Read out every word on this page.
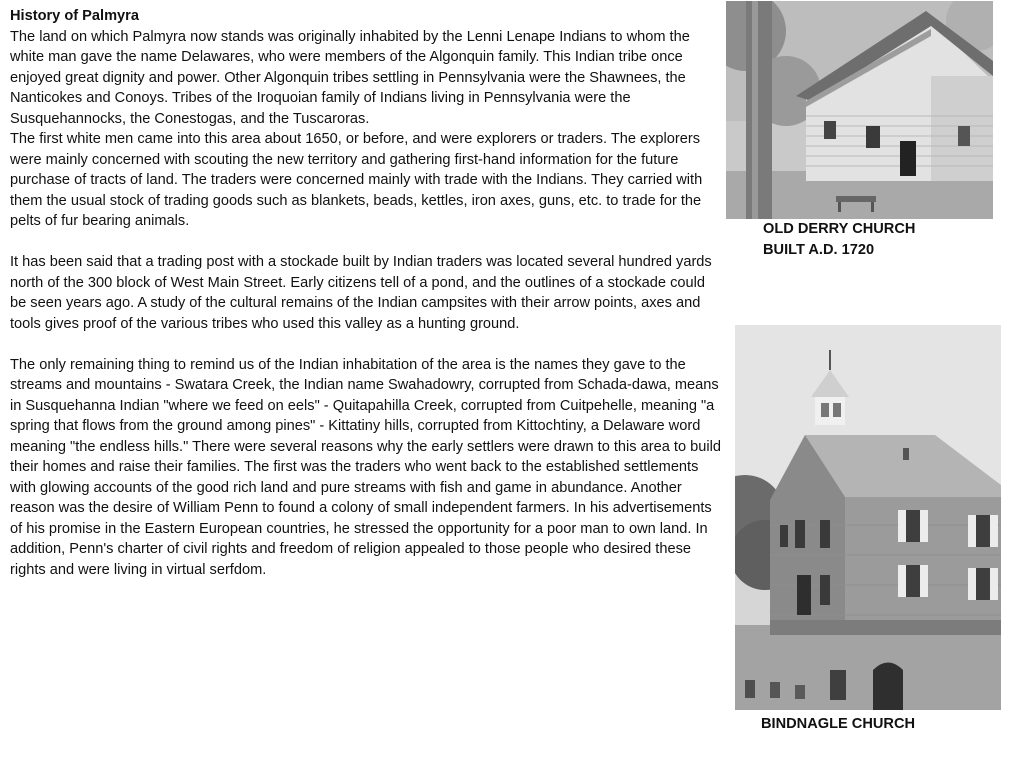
History of Palmyra

The land on which Palmyra now stands was originally inhabited by the Lenni Lenape Indians to whom the white man gave the name Delawares, who were members of the Algonquin family. This Indian tribe once enjoyed great dignity and power. Other Algonquin tribes settling in Pennsylvania were the Shawnees, the Nanticokes and Conoys. Tribes of the Iroquoian family of Indians living in Pennsylvania were the Susquehannocks, the Conestogas, and the Tuscaroras.

The first white men came into this area about 1650, or before, and were explorers or traders. The explorers were mainly concerned with scouting the new territory and gathering first-hand information for the future purchase of tracts of land. The traders were concerned mainly with trade with the Indians. They carried with them the usual stock of trading goods such as blankets, beads, kettles, iron axes, guns, etc. to trade for the pelts of fur bearing animals.

It has been said that a trading post with a stockade built by Indian traders was located several hundred yards north of the 300 block of West Main Street. Early citizens tell of a pond, and the outlines of a stockade could be seen years ago. A study of the cultural remains of the Indian campsites with their arrow points, axes and tools gives proof of the various tribes who used this valley as a hunting ground.

The only remaining thing to remind us of the Indian inhabitation of the area is the names they gave to the streams and mountains - Swatara Creek, the Indian name Swahadowry, corrupted from Schada-dawa, means in Susquehanna Indian "where we feed on eels" - Quitapahilla Creek, corrupted from Cuitpehelle, meaning "a spring that flows from the ground among pines" - Kittatiny hills, corrupted from Kittochtiny, a Delaware word meaning "the endless hills." There were several reasons why the early settlers were drawn to this area to build their homes and raise their families. The first was the traders who went back to the established settlements with glowing accounts of the good rich land and pure streams with fish and game in abundance. Another reason was the desire of William Penn to found a colony of small independent farmers. In his advertisements of his promise in the Eastern European countries, he stressed the opportunity for a poor man to own land. In addition, Penn's charter of civil rights and freedom of religion appealed to those people who desired these rights and were living in virtual serfdom.

OLD DERRY CHURCH
BUILT A.D. 1720
BINDNAGLE CHURCH
